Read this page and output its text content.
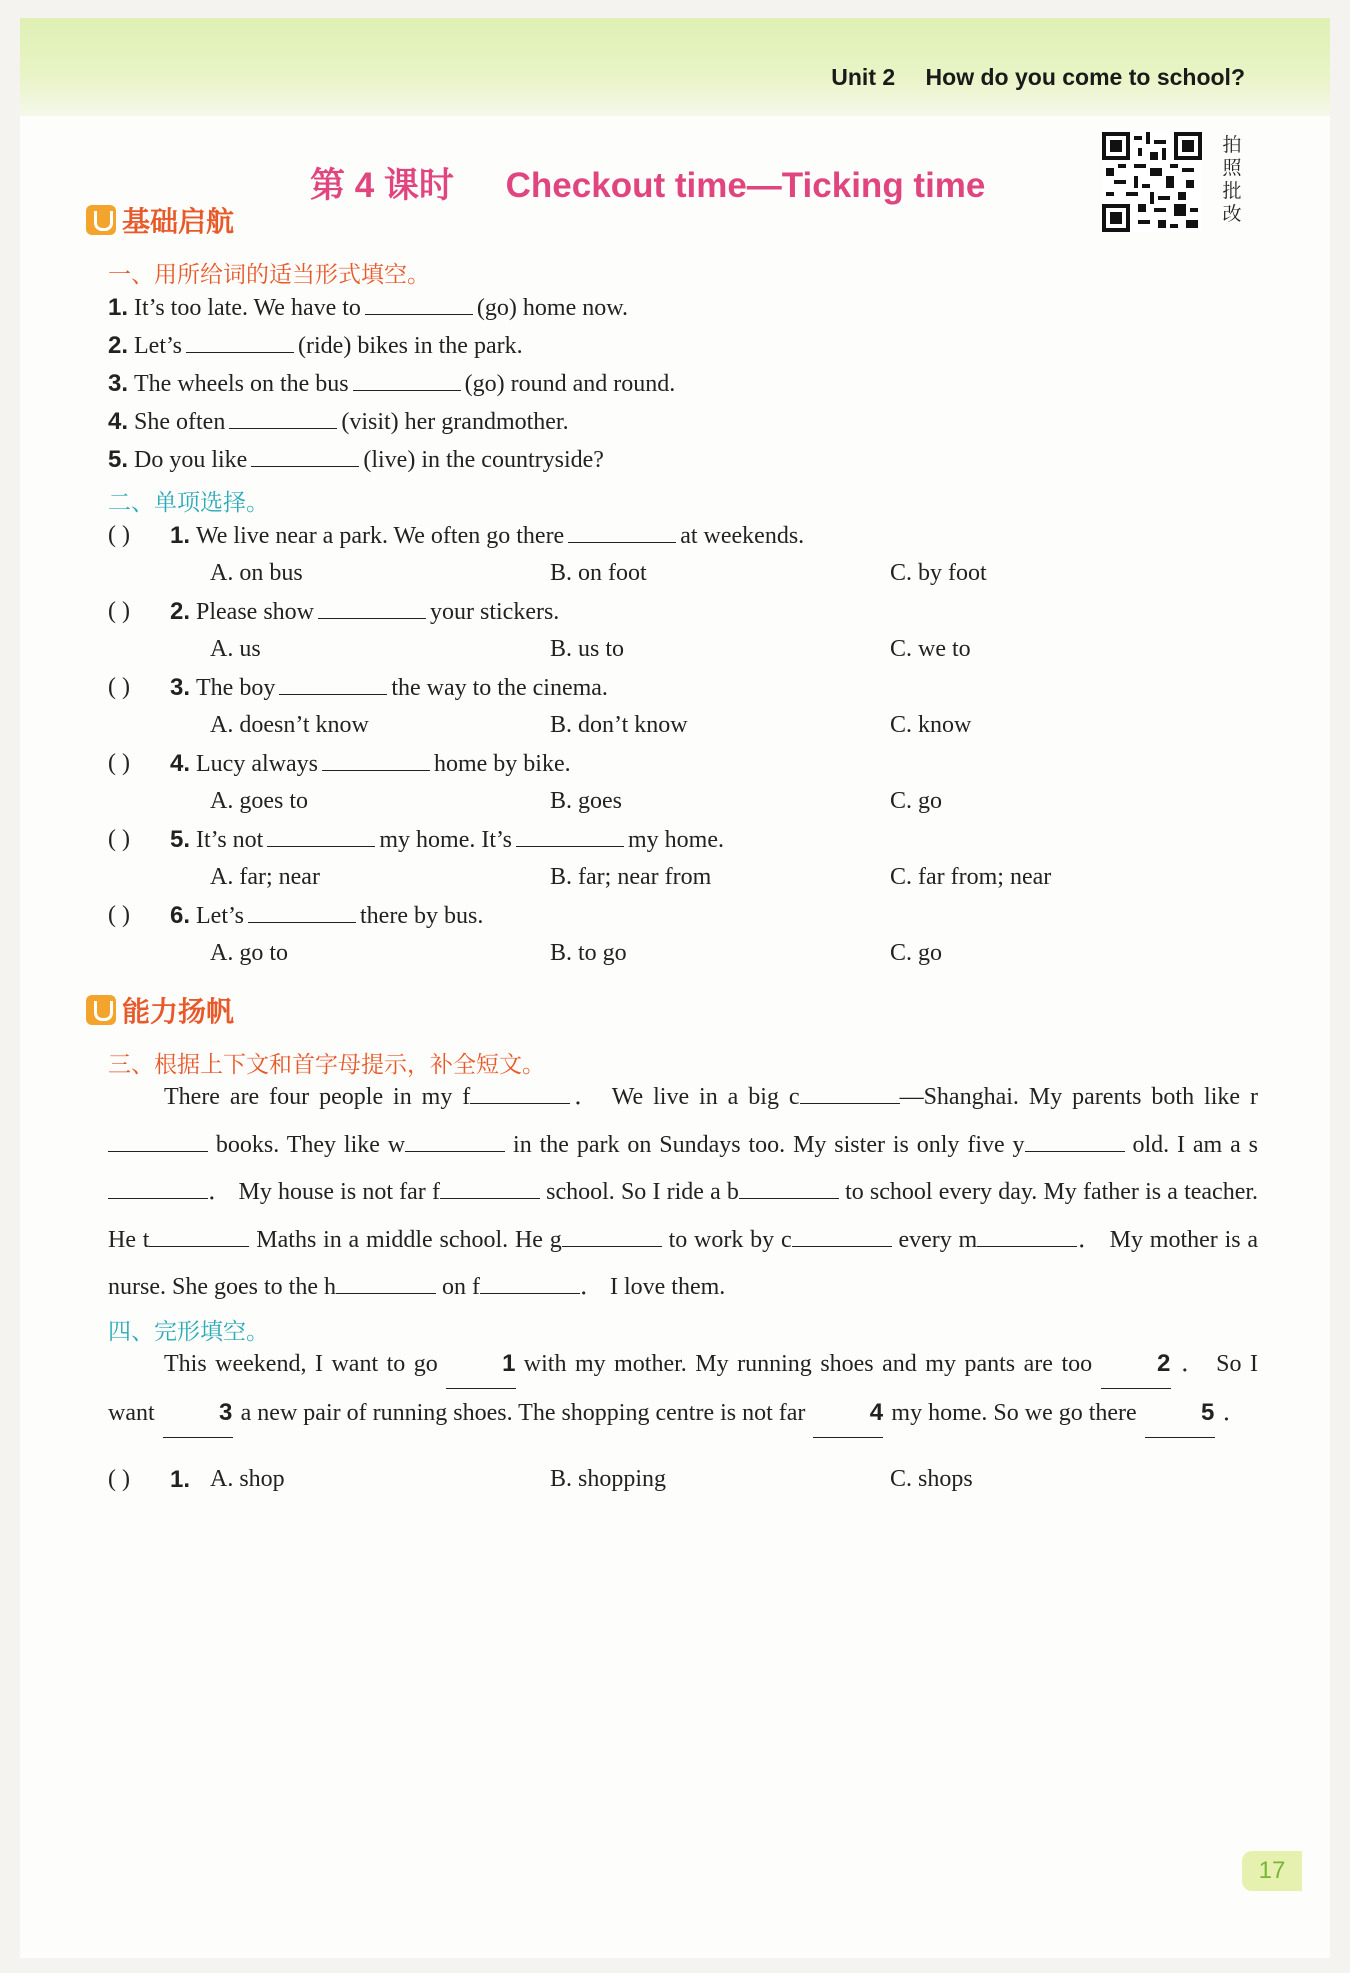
Unit 2 How do you come to school?
第 4 课时 Checkout time—Ticking time
拍
照
批
改
基础启航
一、用所给词的适当形式填空。
1. It’s too late. We have to	(go) home now.
2. Let’s	(ride) bikes in the park.
3. The wheels on the bus	(go) round and round.
4. She often	(visit) her grandmother.
5. Do you like	(live) in the countryside?
二、单项选择。
( ) 1. We live near a park. We often go there	at weekends.
A. on bus	B. on foot	C. by foot
( ) 2. Please show	your stickers.
A. us	B. us to	C. we to
( ) 3. The boy	the way to the cinema.
A. doesn’t know	B. don’t know	C. know
( ) 4. Lucy always	home by bike.
A. goes to	B. goes	C. go
( ) 5. It’s not	my home. It’s	my home.
A. far; near	B. far; near from	C. far from; near
( ) 6. Let’s	there by bus.
A. go to	B. to go	C. go
能力扬帆
三、根据上下文和首字母提示，补全短文。
There are four people in my f	． We live in a big c	—Shanghai. My parents both like r books. They like w	in the park on Sundays too. My sister is only five y	old. I am a s． My house is not far f	school. So I ride a b	to school every day. My father is a teacher. He t	Maths in a middle school. He g	to work by c	every m	． My mother is a nurse. She goes to the h	on f	． I love them.
四、完形填空。
This weekend, I want to go	1 with my mother. My running shoes and my pants are too	2 ． So I want	3 a new pair of running shoes. The shopping centre is not far	4 my home. So we go there	5 ．
( ) 1. A. shop	B. shopping	C. shops
17
